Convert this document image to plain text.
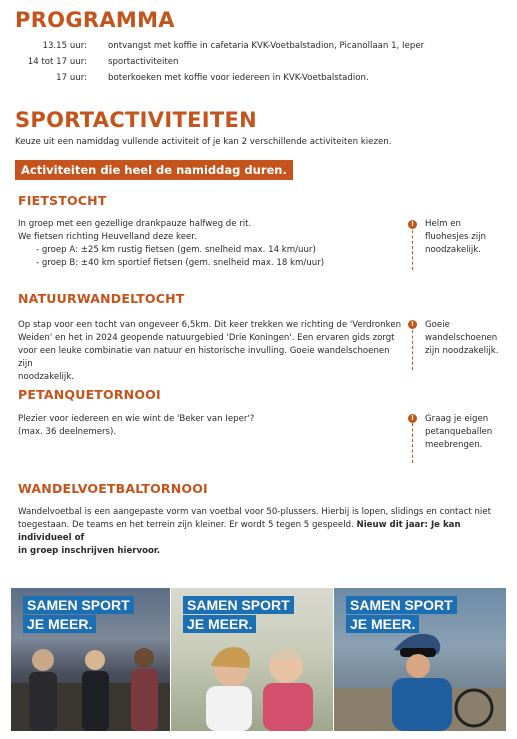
PROGRAMMA
13.15 uur: ontvangst met koffie in cafetaria KVK-Voetbalstadion, Picanollaan 1, Ieper
14 tot 17 uur: sportactiviteiten
17 uur: boterkoeken met koffie voor iedereen in KVK-Voetbalstadion.
SPORTACTIVITEITEN
Keuze uit een namiddag vullende activiteit of je kan 2 verschillende activiteiten kiezen.
Activiteiten die heel de namiddag duren.
FIETSTOCHT
In groep met een gezellige drankpauze halfweg de rit.
We fietsen richting Heuvelland deze keer.
- groep A: ±25 km rustig fietsen (gem. snelheid max. 14 km/uur)
- groep B: ±40 km sportief fietsen (gem. snelheid max. 18 km/uur)
!	Helm en
fluohesjes zijn
noodzakelijk.
NATUURWANDELTOCHT
Op stap voor een tocht van ongeveer 6,5km. Dit keer trekken we richting de 'Verdronken
Weiden' en het in 2024 geopende natuurgebied 'Drie Koningen'. Een ervaren gids zorgt
voor een leuke combinatie van natuur en historische invulling. Goeie wandelschoenen zijn
noodzakelijk.
!	Goeie
wandelschoenen
zijn noodzakelijk.
PETANQUETORNOOI
Plezier voor iedereen en wie wint de 'Beker van Ieper'?
(max. 36 deelnemers).
!	Graag je eigen
petanqueballen
meebrengen.
WANDELVOETBALTORNOOI
Wandelvoetbal is een aangepaste vorm van voetbal voor 50-plussers. Hierbij is lopen, slidings en contact niet
toegestaan. De teams en het terrein zijn kleiner. Er wordt 5 tegen 5 gespeeld. Nieuw dit jaar: Je kan individueel of
in groep inschrijven hiervoor.
SAMEN SPORT
JE MEER.
SAMEN SPORT
JE MEER.
SAMEN SPORT
JE MEER.
